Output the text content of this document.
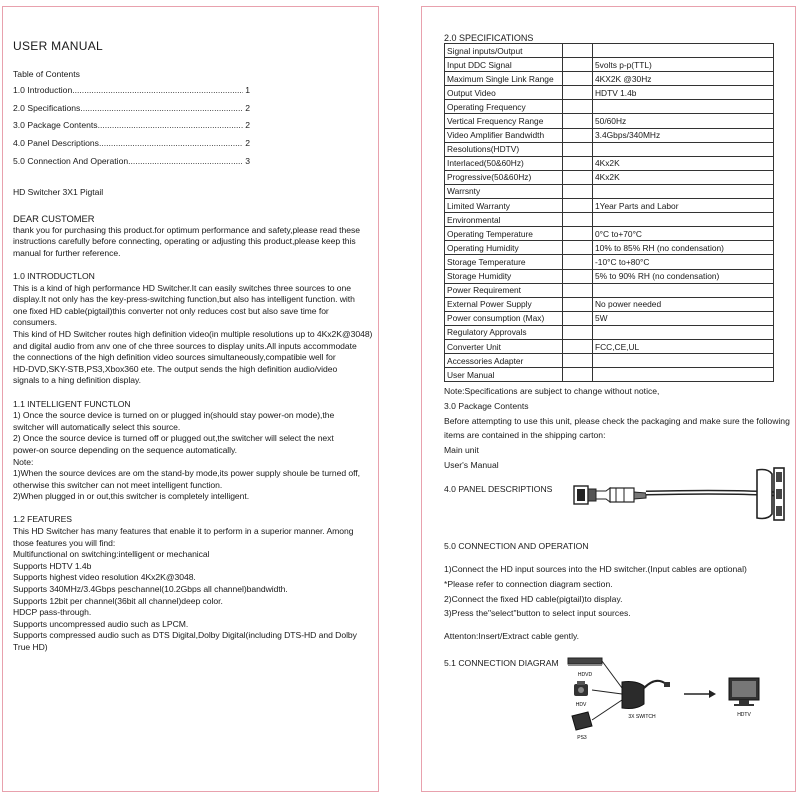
USER MANUAL
Table of Contents
1.0 Introduction .....	1
2.0 Specifications .....	2
3.0 Package Contents .....	2
4.0 Panel Descriptions .....	2
5.0 Connection And Operation .....	3

HD Switcher 3X1 Pigtail

DEAR CUSTOMER

thank you for purchasing this product.for optimum performance and safety,please read these

instructions carefully before connecting, operating or adjusting this product,please keep this

manual for further reference.

1.0 INTRODUCTLON

This is a kind of high performance HD Switcher.It can easily switches three sources to one

display.It not only has the key-press-switching function,but also has intelligent function. with

one fixed HD cable(pigtail)this converter not only reduces cost but also save time for

consumers.

This kind of HD Switcher routes high definition video(in multiple resolutions up to 4Kx2K@3048)

and digital audio from anv one of che three sources to display units.All inputs accommodate

the connections of the high definition video sources simultaneously,compatibie well for

HD-DVD,SKY-STB,PS3,Xbox360 ete. The output sends the high definition audio/video

signals to a hing definition display.

1.1 INTELLIGENT FUNCTLON

1) Once the source device is turned on or plugged in(should stay power-on mode),the

switcher will automatically select this source.

2) Once the source device is turned off or plugged out,the switcher will select the next

power-on source depending on the sequence automatically.

Note:

1)When the source devices are om the stand-by mode,its power supply shoule be turned off,

otherwise this switcher can not meet intelligent function.

2)When plugged in or out,this switcher is completely intelligent.

1.2 FEATURES

This HD Switcher has many features that enable it to perform in a superior manner. Among

those features you will find:

Multifunctional on switching:intelligent or mechanical

Supports HDTV 1.4b

Supports highest video resolution 4Kx2K@3048.

Supports 340MHz/3.4Gbps peschannel(10.2Gbps all channel)bandwidth.

Supports 12bit per channel(36bit all channel)deep color.

HDCP pass-through.

Supports uncompressed audio such as LPCM.

Supports compressed audio such as DTS Digital,Dolby Digital(including DTS-HD and Dolby

True HD)

2.0 SPECIFICATIONS
Signal inputs/Output		
Input DDC Signal		5volts p-p(TTL)
Maximum Single Link Range		4KX2K @30Hz
Output Video		HDTV 1.4b
Operating Frequency		
Vertical Frequency Range		50/60Hz
Video Amplifier Bandwidth		3.4Gbps/340MHz
Resolutions(HDTV)		
Interlaced(50&60Hz)		4Kx2K
Progressive(50&60Hz)		4Kx2K
Warrsnty		
Limited Warranty		1Year Parts and Labor
Environmental		
Operating Temperature		0°C to+70°C
Operating Humidity		10% to 85% RH (no condensation)
Storage Temperature		-10°C to+80°C
Storage Humidity		5% to 90% RH (no condensation)
Power Requirement		
External Power Supply		No power needed
Power consumption (Max)		5W
Regulatory Approvals		
Converter Unit		FCC,CE,UL
Accessories Adapter		
User Manual		

Note:Specifications are subject to change without notice,

3.0 Package Contents

Before attempting to use this unit, please check the packaging and make sure the following

items are contained in the shipping carton:

Main unit

User's Manual

4.0 PANEL DESCRIPTIONS

5.0 CONNECTION AND OPERATION

1)Connect the HD input sources into the HD switcher.(Input cables are optional)

*Please refer to connection diagram section.

2)Connect the fixed HD cable(pigtail)to display.

3)Press the"select"button to select input sources.

Attenton:Insert/Extract cable gently.

5.1 CONNECTION DIAGRAM
HDVD
HDV
PS3
3X SWITCH	HDTV
